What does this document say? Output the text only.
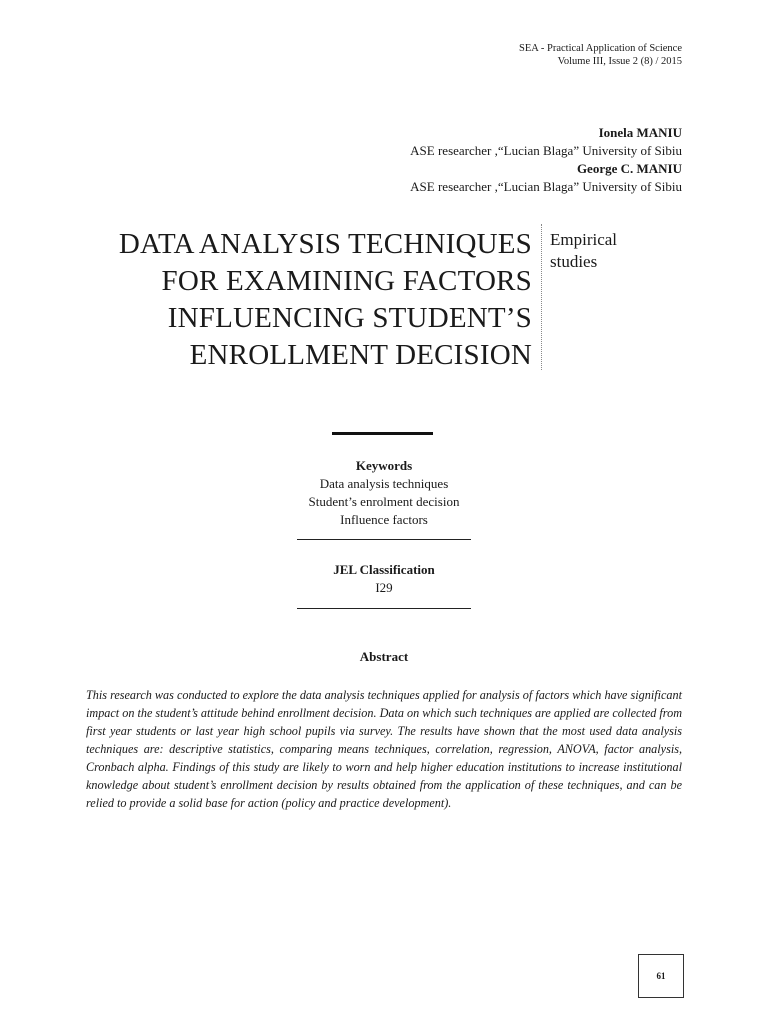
SEA - Practical Application of Science
Volume III, Issue 2 (8) / 2015
Ionela MANIU
ASE researcher ,“Lucian Blaga” University of Sibiu
George C. MANIU
ASE researcher ,“Lucian Blaga” University of Sibiu
DATA ANALYSIS TECHNIQUES
FOR EXAMINING FACTORS
INFLUENCING STUDENT’S
ENROLLMENT DECISION
Empirical
studies
Keywords
Data analysis techniques
Student’s enrolment decision
Influence factors
JEL Classification
I29
Abstract
This research was conducted to explore the data analysis techniques applied for analysis of factors which have significant impact on the student’s attitude behind enrollment decision. Data on which such techniques are applied are collected from first year students or last year high school pupils via survey. The results have shown that the most used data analysis techniques are: descriptive statistics, comparing means techniques, correlation, regression, ANOVA, factor analysis, Cronbach alpha. Findings of this study are likely to worn and help higher education institutions to increase institutional knowledge about student’s enrollment decision by results obtained from the application of these techniques, and can be relied to provide a solid base for action (policy and practice development).
61
